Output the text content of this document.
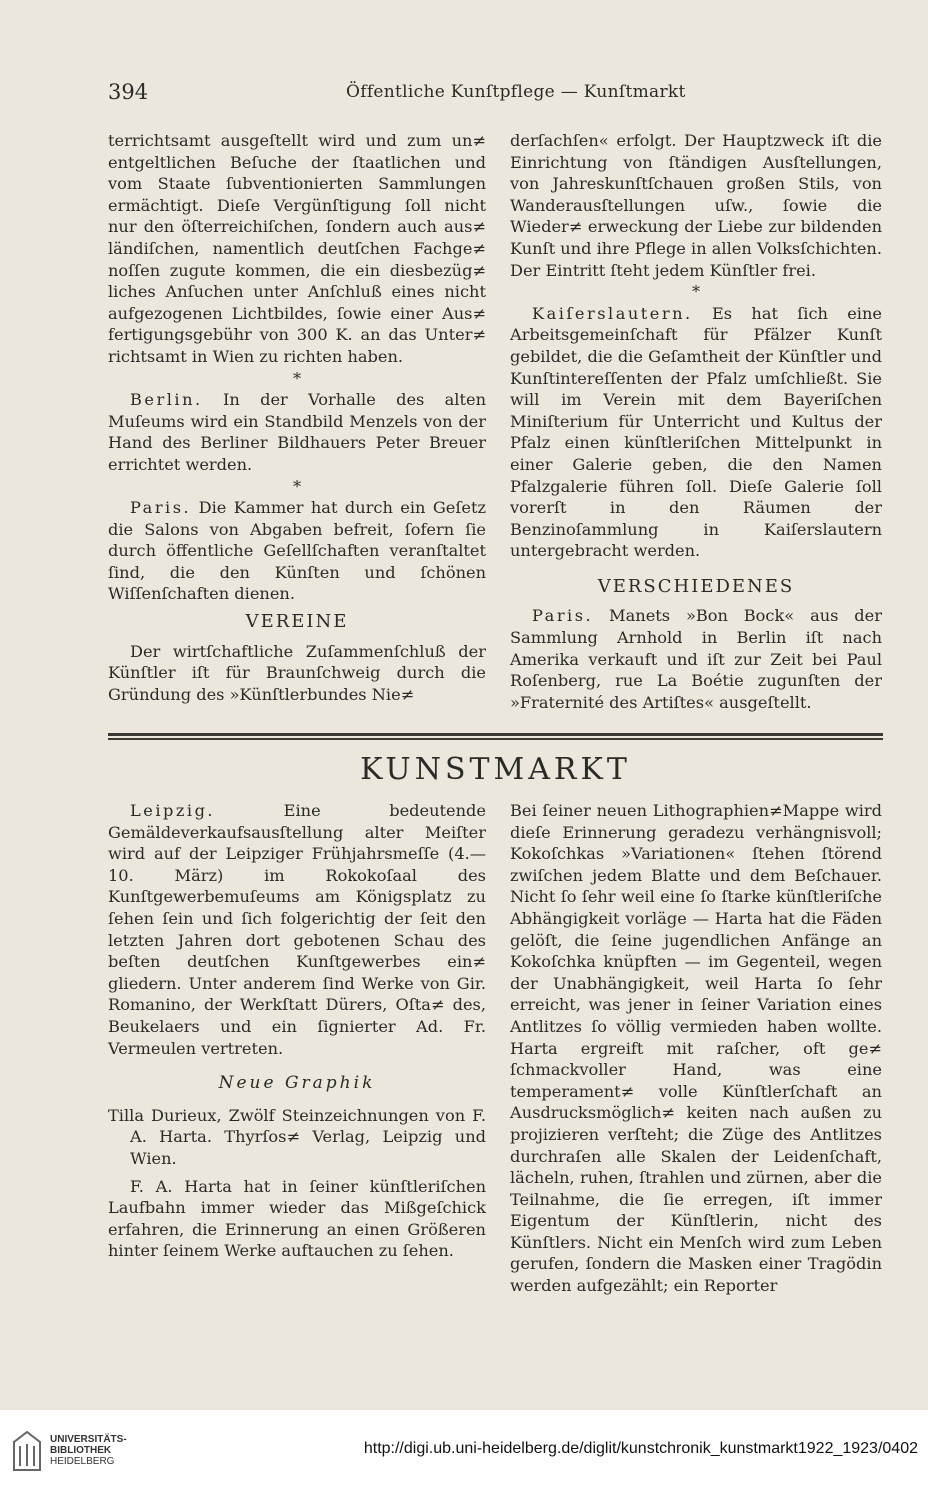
394	Öffentliche Kunſtpflege — Kunſtmarkt

terrichtsamt ausgeſtellt wird und zum un≠ entgeltlichen Beſuche der ſtaatlichen und vom Staate ſubventionierten Sammlungen ermächtigt. Dieſe Vergünſtigung ſoll nicht nur den öſterreichiſchen, ſondern auch aus≠ ländiſchen, namentlich deutſchen Fachge≠ noſſen zugute kommen, die ein diesbezüg≠ liches Anſuchen unter Anſchluß eines nicht aufgezogenen Lichtbildes, ſowie einer Aus≠ fertigungsgebühr von 300 K. an das Unter≠ richtsamt in Wien zu richten haben.

*

Berlin. In der Vorhalle des alten Muſeums wird ein Standbild Menzels von der Hand des Berliner Bildhauers Peter Breuer errichtet werden.

*

Paris. Die Kammer hat durch ein Geſetz die Salons von Abgaben befreit, ſofern ſie durch öffentliche Geſellſchaften veranſtaltet ſind, die den Künſten und ſchönen Wiſſenſchaften dienen.

VEREINE

Der wirtſchaftliche Zuſammenſchluß der Künſtler iſt für Braunſchweig durch die Gründung des »Künſtlerbundes Nie≠

derſachſen« erfolgt. Der Hauptzweck iſt die Einrichtung von ſtändigen Ausſtellungen, von Jahreskunſtſchauen großen Stils, von Wanderausſtellungen uſw., ſowie die Wieder≠ erweckung der Liebe zur bildenden Kunſt und ihre Pflege in allen Volksſchichten. Der Eintritt ſteht jedem Künſtler frei.

*

Kaiſerslautern. Es hat ſich eine Arbeitsgemeinſchaft für Pfälzer Kunſt gebildet, die die Geſamtheit der Künſtler und Kunſtintereſſenten der Pfalz umſchließt. Sie will im Verein mit dem Bayeriſchen Miniſterium für Unterricht und Kultus der Pfalz einen künſtleriſchen Mittelpunkt in einer Galerie geben, die den Namen Pfalzgalerie führen ſoll. Dieſe Galerie ſoll vorerſt in den Räumen der Benzinoſammlung in Kaiſerslautern untergebracht werden.

VERSCHIEDENES

Paris. Manets »Bon Bock« aus der Sammlung Arnhold in Berlin iſt nach Amerika verkauft und iſt zur Zeit bei Paul Roſenberg, rue La Boétie zugunſten der »Fraternité des Artiſtes« ausgeſtellt.

KUNSTMARKT

Leipzig. Eine bedeutende Gemäldeverkaufsausſtellung alter Meiſter wird auf der Leipziger Frühjahrsmeſſe (4.—10. März) im Rokokoſaal des Kunſtgewerbemuſeums am Königsplatz zu ſehen ſein und ſich folgerichtig der ſeit den letzten Jahren dort gebotenen Schau des beſten deutſchen Kunſtgewerbes ein≠ gliedern. Unter anderem ſind Werke von Gir. Romanino, der Werkſtatt Dürers, Oſta≠ des, Beukelaers und ein ſignierter Ad. Fr. Vermeulen vertreten.

Neue Graphik

Tilla Durieux, Zwölf Steinzeichnungen von F. A. Harta. Thyrſos≠ Verlag, Leipzig und Wien.

F. A. Harta hat in ſeiner künſtleriſchen Laufbahn immer wieder das Mißgeſchick erfahren, die Erinnerung an einen Größeren hinter ſeinem Werke auftauchen zu ſehen.

Bei ſeiner neuen Lithographien≠Mappe wird dieſe Erinnerung geradezu verhängnisvoll; Kokoſchkas »Variationen« ſtehen ſtörend zwiſchen jedem Blatte und dem Beſchauer. Nicht ſo ſehr weil eine ſo ſtarke künſtleriſche Abhängigkeit vorläge — Harta hat die Fäden gelöſt, die ſeine jugendlichen Anfänge an Kokoſchka knüpften — im Gegenteil, wegen der Unabhängigkeit, weil Harta ſo ſehr erreicht, was jener in ſeiner Variation eines Antlitzes ſo völlig vermieden haben wollte. Harta ergreift mit raſcher, oft ge≠ ſchmackvoller Hand, was eine temperament≠ volle Künſtlerſchaft an Ausdrucksmöglich≠ keiten nach außen zu projizieren verſteht; die Züge des Antlitzes durchraſen alle Skalen der Leidenſchaft, lächeln, ruhen, ſtrahlen und zürnen, aber die Teilnahme, die ſie erregen, iſt immer Eigentum der Künſtlerin, nicht des Künſtlers. Nicht ein Menſch wird zum Leben gerufen, ſondern die Masken einer Tragödin werden aufgezählt; ein Reporter

UNIVERSITÄTS-
BIBLIOTHEK
HEIDELBERG
http://digi.ub.uni-heidelberg.de/diglit/kunstchronik_kunstmarkt1922_1923/0402
